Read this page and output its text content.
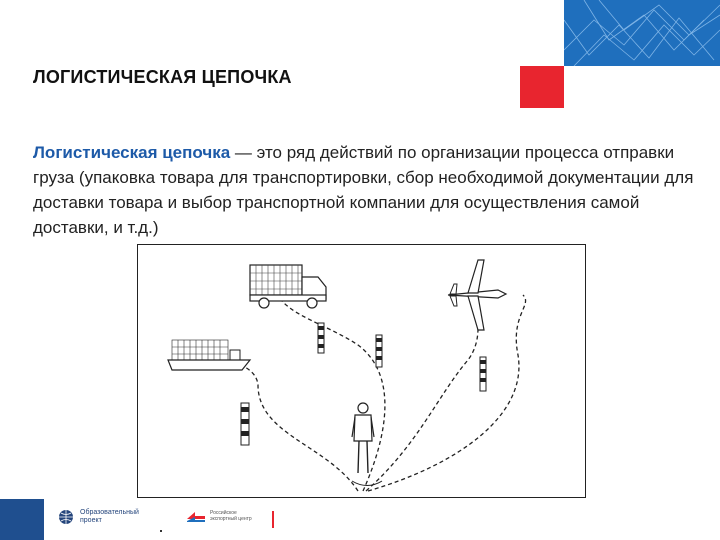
ЛОГИСТИЧЕСКАЯ ЦЕПОЧКА
Логистическая цепочка — это ряд действий по организации процесса отправки груза (упаковка товара для транспортировки, сбор необходимой документации для доставки товара и выбор транспортной компании для осуществления самой доставки, и т.д.)
Образовательный проект
Российское экспортный центр
